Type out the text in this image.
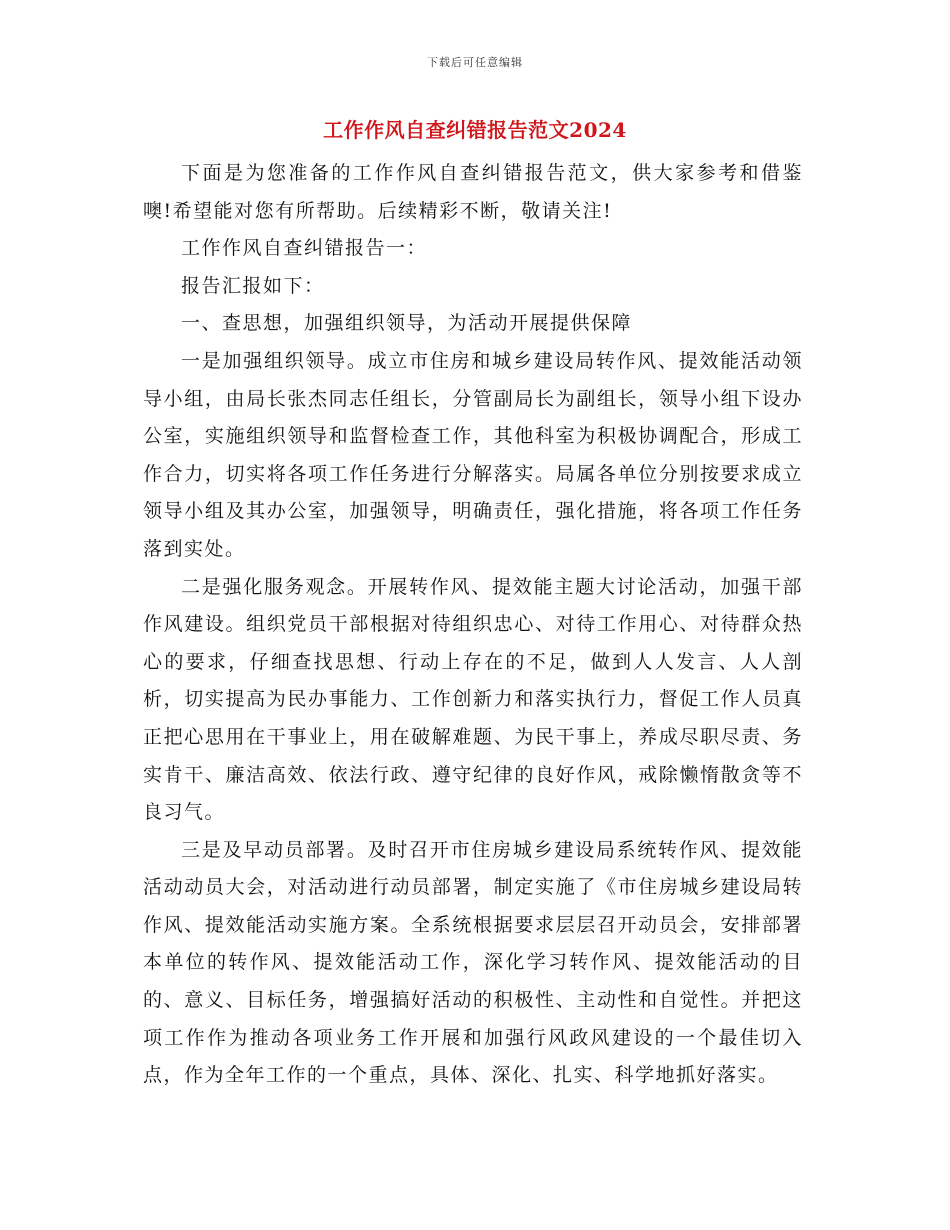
下载后可任意编辑
工作作风自查纠错报告范文2024

下面是为您准备的工作作风自查纠错报告范文，供大家参考和借鉴噢!希望能对您有所帮助。后续精彩不断，敬请关注!

工作作风自查纠错报告一：

报告汇报如下：

一、查思想，加强组织领导，为活动开展提供保障

一是加强组织领导。成立市住房和城乡建设局转作风、提效能活动领导小组，由局长张杰同志任组长，分管副局长为副组长，领导小组下设办公室，实施组织领导和监督检查工作，其他科室为积极协调配合，形成工作合力，切实将各项工作任务进行分解落实。局属各单位分别按要求成立领导小组及其办公室，加强领导，明确责任，强化措施，将各项工作任务落到实处。

二是强化服务观念。开展转作风、提效能主题大讨论活动，加强干部作风建设。组织党员干部根据对待组织忠心、对待工作用心、对待群众热心的要求，仔细查找思想、行动上存在的不足，做到人人发言、人人剖析，切实提高为民办事能力、工作创新力和落实执行力，督促工作人员真正把心思用在干事业上，用在破解难题、为民干事上，养成尽职尽责、务实肯干、廉洁高效、依法行政、遵守纪律的良好作风，戒除懒惰散贪等不良习气。

三是及早动员部署。及时召开市住房城乡建设局系统转作风、提效能活动动员大会，对活动进行动员部署，制定实施了《市住房城乡建设局转作风、提效能活动实施方案。全系统根据要求层层召开动员会，安排部署本单位的转作风、提效能活动工作，深化学习转作风、提效能活动的目的、意义、目标任务，增强搞好活动的积极性、主动性和自觉性。并把这项工作作为推动各项业务工作开展和加强行风政风建设的一个最佳切入点，作为全年工作的一个重点，具体、深化、扎实、科学地抓好落实。
